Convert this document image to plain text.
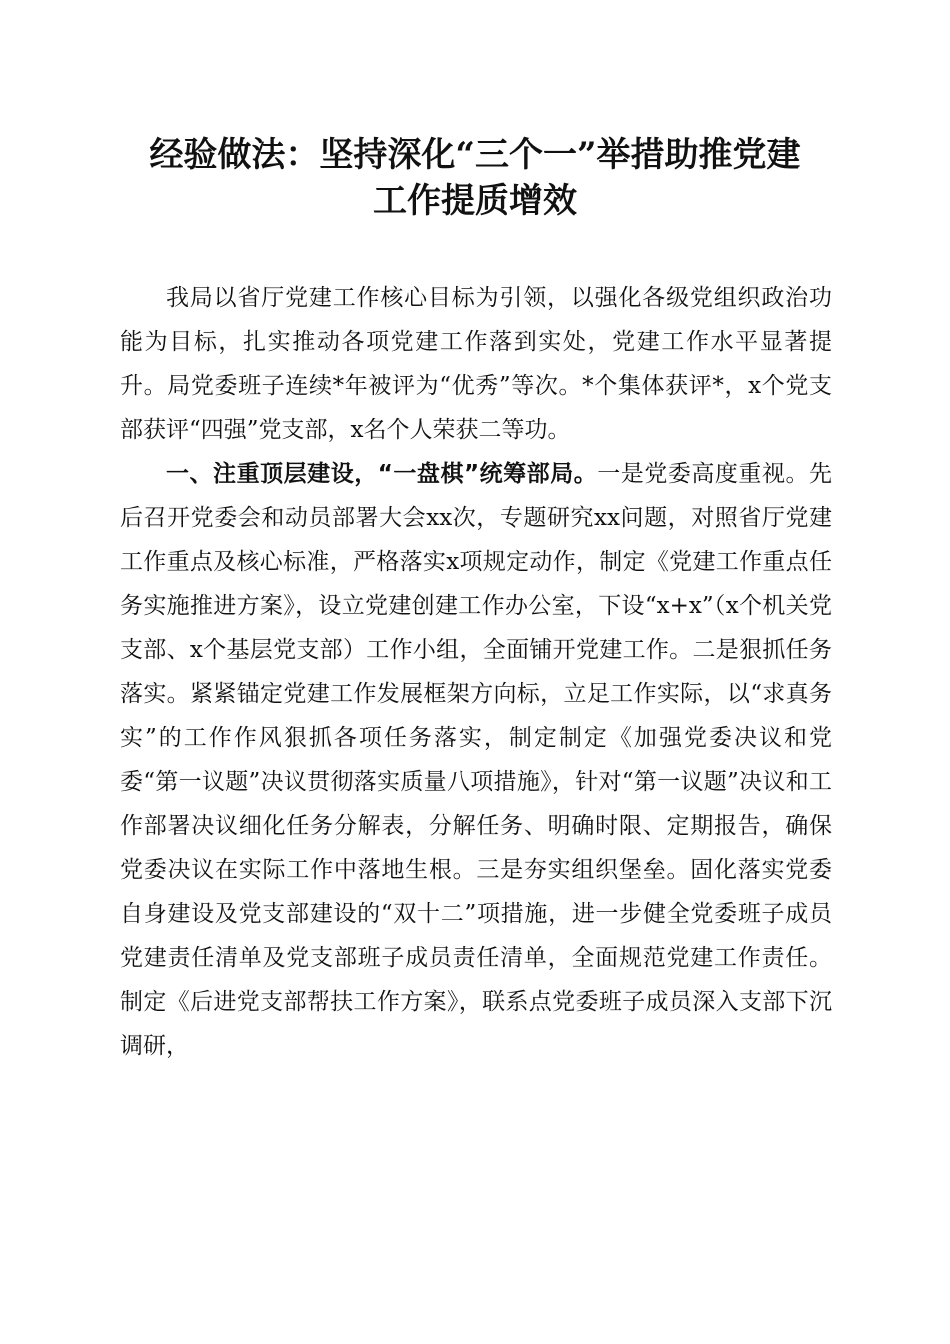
经验做法：坚持深化“三个一”举措助推党建
工作提质增效

我局以省厅党建工作核心目标为引领，以强化各级党组织政治功能为目标，扎实推动各项党建工作落到实处，党建工作水平显著提升。局党委班子连续*年被评为“优秀”等次。*个集体获评*，x个党支部获评“四强”党支部，x名个人荣获二等功。

一、注重顶层建设，“一盘棋”统筹部局。一是党委高度重视。先后召开党委会和动员部署大会xx次，专题研究xx问题，对照省厅党建工作重点及核心标准，严格落实x项规定动作，制定《党建工作重点任务实施推进方案》，设立党建创建工作办公室，下设“x+x”（x个机关党支部、x个基层党支部）工作小组，全面铺开党建工作。二是狠抓任务落实。紧紧锚定党建工作发展框架方向标，立足工作实际，以“求真务实”的工作作风狠抓各项任务落实，制定制定《加强党委决议和党委“第一议题”决议贯彻落实质量八项措施》，针对“第一议题”决议和工作部署决议细化任务分解表，分解任务、明确时限、定期报告，确保党委决议在实际工作中落地生根。三是夯实组织堡垒。固化落实党委自身建设及党支部建设的“双十二”项措施，进一步健全党委班子成员党建责任清单及党支部班子成员责任清单，全面规范党建工作责任。制定《后进党支部帮扶工作方案》，联系点党委班子成员深入支部下沉调研，
